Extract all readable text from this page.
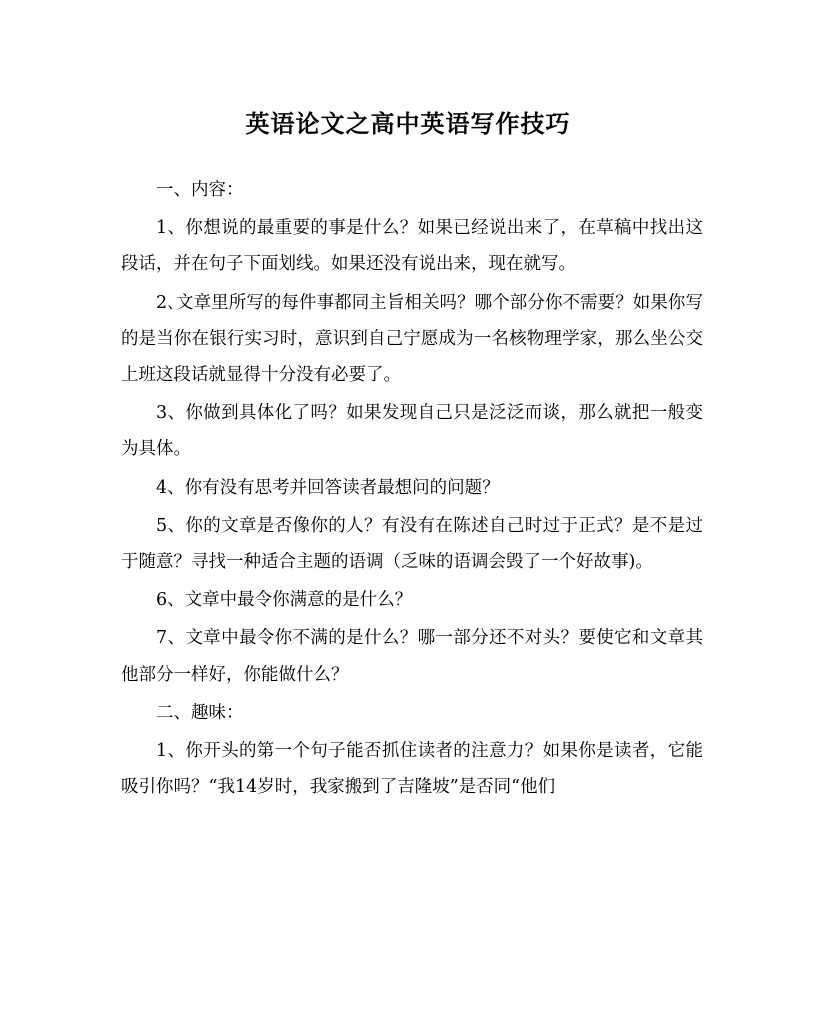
英语论文之高中英语写作技巧

一、内容：

1、你想说的最重要的事是什么？如果已经说出来了，在草稿中找出这段话，并在句子下面划线。如果还没有说出来，现在就写。

2､文章里所写的每件事都同主旨相关吗？哪个部分你不需要？如果你写的是当你在银行实习时，意识到自己宁愿成为一名核物理学家，那么坐公交上班这段话就显得十分没有必要了。

3、你做到具体化了吗？如果发现自己只是泛泛而谈，那么就把一般变为具体。

4、你有没有思考并回答读者最想问的问题？

5、你的文章是否像你的人？有没有在陈述自己时过于正式？是不是过于随意？寻找一种适合主题的语调（乏味的语调会毁了一个好故事)。

6、文章中最令你满意的是什么？

7、文章中最令你不满的是什么？哪一部分还不对头？要使它和文章其他部分一样好，你能做什么？

二、趣味：

1、你开头的第一个句子能否抓住读者的注意力？如果你是读者，它能吸引你吗？“我14岁时，我家搬到了吉隆坡”是否同“他们
